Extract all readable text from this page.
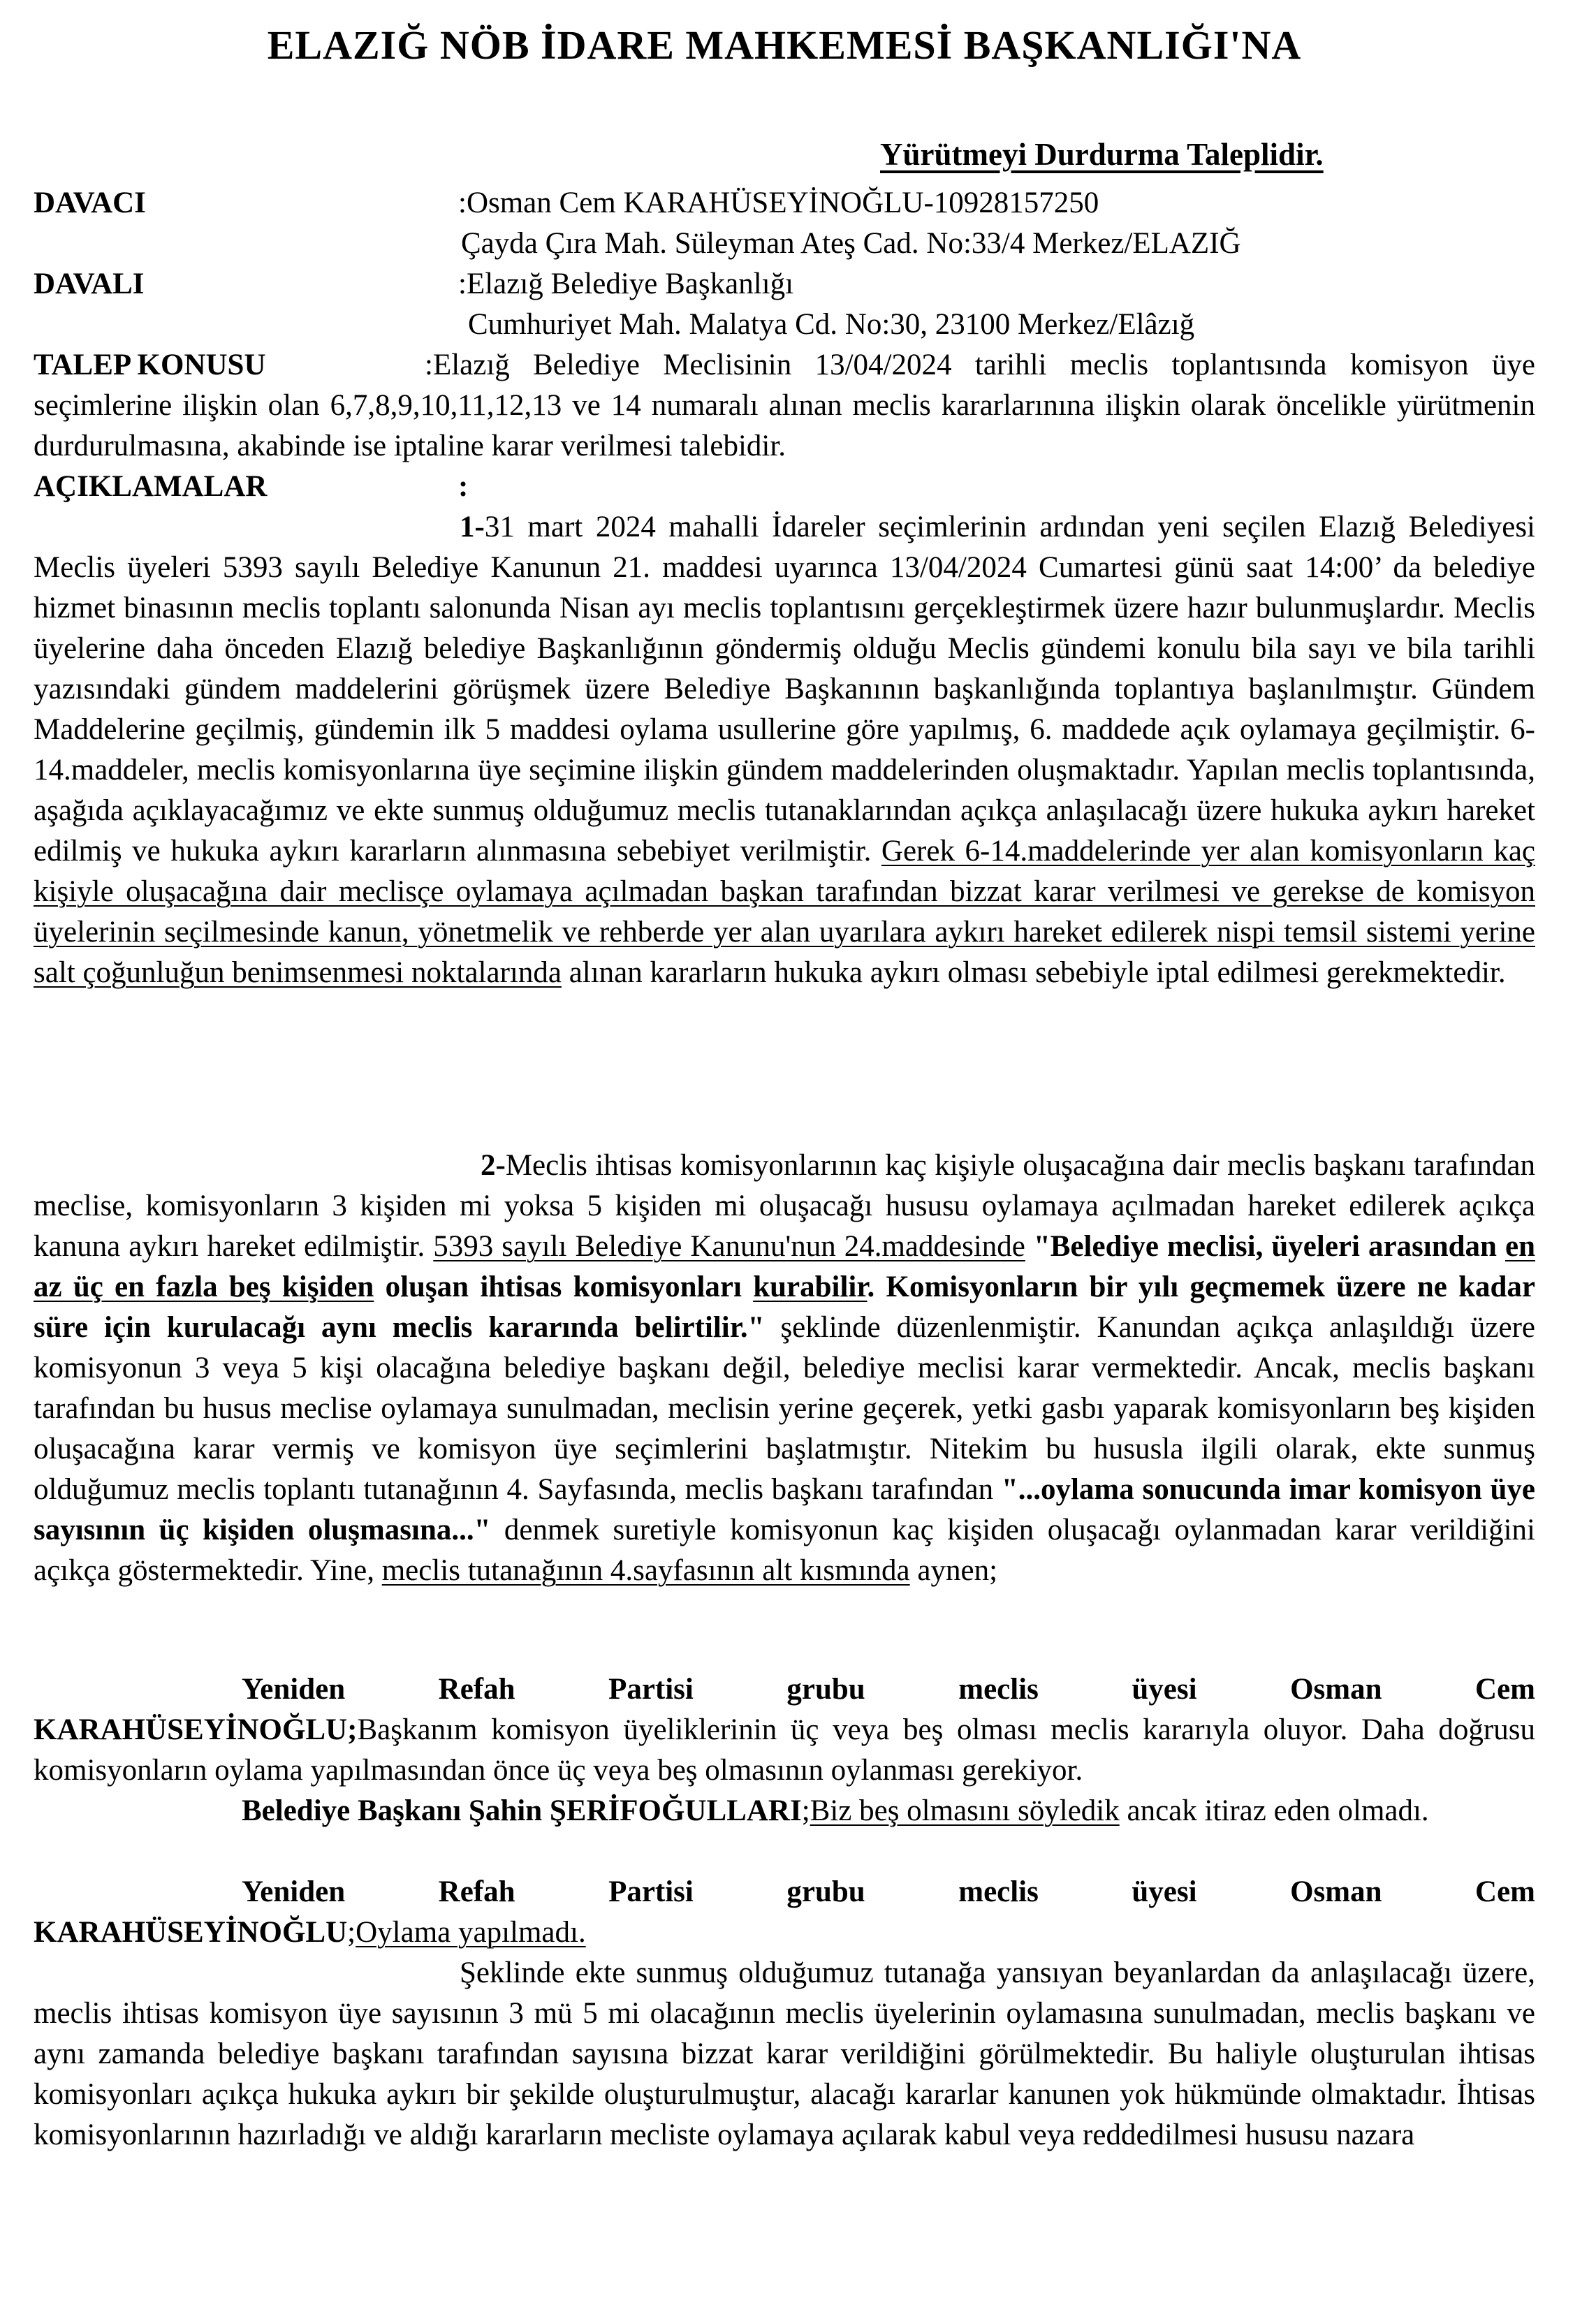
ELAZIĞ NÖB İDARE MAHKEMESİ BAŞKANLIĞI'NA
Yürütmeyi Durdurma Taleplidir.
DAVACI	:Osman Cem KARAHÜSEYİNOĞLU-10928157250
Çayda Çıra Mah. Süleyman Ateş Cad. No:33/4 Merkez/ELAZIĞ
DAVALI	:Elazığ Belediye Başkanlığı
Cumhuriyet Mah. Malatya Cd. No:30, 23100 Merkez/Elâzığ
TALEP KONUSU	:Elazığ Belediye Meclisinin 13/04/2024 tarihli meclis toplantısında komisyon üye seçimlerine ilişkin olan 6,7,8,9,10,11,12,13 ve 14 numaralı alınan meclis kararlarınına ilişkin olarak öncelikle yürütmenin durdurulmasına, akabinde ise iptaline karar verilmesi talebidir.
AÇIKLAMALAR	:
1-31 mart 2024 mahalli İdareler seçimlerinin ardından yeni seçilen Elazığ Belediyesi Meclis üyeleri 5393 sayılı Belediye Kanunun 21. maddesi uyarınca 13/04/2024 Cumartesi günü saat 14:00’ da belediye hizmet binasının meclis toplantı salonunda Nisan ayı meclis toplantısını gerçekleştirmek üzere hazır bulunmuşlardır. Meclis üyelerine daha önceden Elazığ belediye Başkanlığının göndermiş olduğu Meclis gündemi konulu bila sayı ve bila tarihli yazısındaki gündem maddelerini görüşmek üzere Belediye Başkanının başkanlığında toplantıya başlanılmıştır. Gündem Maddelerine geçilmiş, gündemin ilk 5 maddesi oylama usullerine göre yapılmış, 6. maddede açık oylamaya geçilmiştir. 6-14.maddeler, meclis komisyonlarına üye seçimine ilişkin gündem maddelerinden oluşmaktadır. Yapılan meclis toplantısında, aşağıda açıklayacağımız ve ekte sunmuş olduğumuz meclis tutanaklarından açıkça anlaşılacağı üzere hukuka aykırı hareket edilmiş ve hukuka aykırı kararların alınmasına sebebiyet verilmiştir. Gerek 6-14.maddelerinde yer alan komisyonların kaç kişiyle oluşacağına dair meclisçe oylamaya açılmadan başkan tarafından bizzat karar verilmesi ve gerekse de komisyon üyelerinin seçilmesinde kanun, yönetmelik ve rehberde yer alan uyarılara aykırı hareket edilerek nispi temsil sistemi yerine salt çoğunluğun benimsenmesi noktalarında alınan kararların hukuka aykırı olması sebebiyle iptal edilmesi gerekmektedir.
2-Meclis ihtisas komisyonlarının kaç kişiyle oluşacağına dair meclis başkanı tarafından meclise, komisyonların 3 kişiden mi yoksa 5 kişiden mi oluşacağı hususu oylamaya açılmadan hareket edilerek açıkça kanuna aykırı hareket edilmiştir. 5393 sayılı Belediye Kanunu'nun 24.maddesinde "Belediye meclisi, üyeleri arasından en az üç en fazla beş kişiden oluşan ihtisas komisyonları kurabilir. Komisyonların bir yılı geçmemek üzere ne kadar süre için kurulacağı aynı meclis kararında belirtilir." şeklinde düzenlenmiştir. Kanundan açıkça anlaşıldığı üzere komisyonun 3 veya 5 kişi olacağına belediye başkanı değil, belediye meclisi karar vermektedir. Ancak, meclis başkanı tarafından bu husus meclise oylamaya sunulmadan, meclisin yerine geçerek, yetki gasbı yaparak komisyonların beş kişiden oluşacağına karar vermiş ve komisyon üye seçimlerini başlatmıştır. Nitekim bu hususla ilgili olarak, ekte sunmuş olduğumuz meclis toplantı tutanağının 4. Sayfasında, meclis başkanı tarafından "...oylama sonucunda imar komisyon üye sayısının üç kişiden oluşmasına..." denmek suretiyle komisyonun kaç kişiden oluşacağı oylanmadan karar verildiğini açıkça göstermektedir. Yine, meclis tutanağının 4.sayfasının alt kısmında aynen;
Yeniden	Refah	Partisi	grubu	meclis	üyesi	Osman	Cem
KARAHÜSEYİNOĞLU;Başkanım komisyon üyeliklerinin üç veya beş olması meclis kararıyla oluyor. Daha doğrusu komisyonların oylama yapılmasından önce üç veya beş olmasının oylanması gerekiyor.
Belediye Başkanı Şahin ŞERİFOĞULLARI;Biz beş olmasını söyledik ancak itiraz eden olmadı.
Yeniden	Refah	Partisi	grubu	meclis	üyesi	Osman	Cem
KARAHÜSEYİNOĞLU;Oylama yapılmadı.
Şeklinde ekte sunmuş olduğumuz tutanağa yansıyan beyanlardan da anlaşılacağı üzere, meclis ihtisas komisyon üye sayısının 3 mü 5 mi olacağının meclis üyelerinin oylamasına sunulmadan, meclis başkanı ve aynı zamanda belediye başkanı tarafından sayısına bizzat karar verildiğini görülmektedir. Bu haliyle oluşturulan ihtisas komisyonları açıkça hukuka aykırı bir şekilde oluşturulmuştur, alacağı kararlar kanunen yok hükmünde olmaktadır. İhtisas komisyonlarının hazırladığı ve aldığı kararların mecliste oylamaya açılarak kabul veya reddedilmesi hususu nazara
